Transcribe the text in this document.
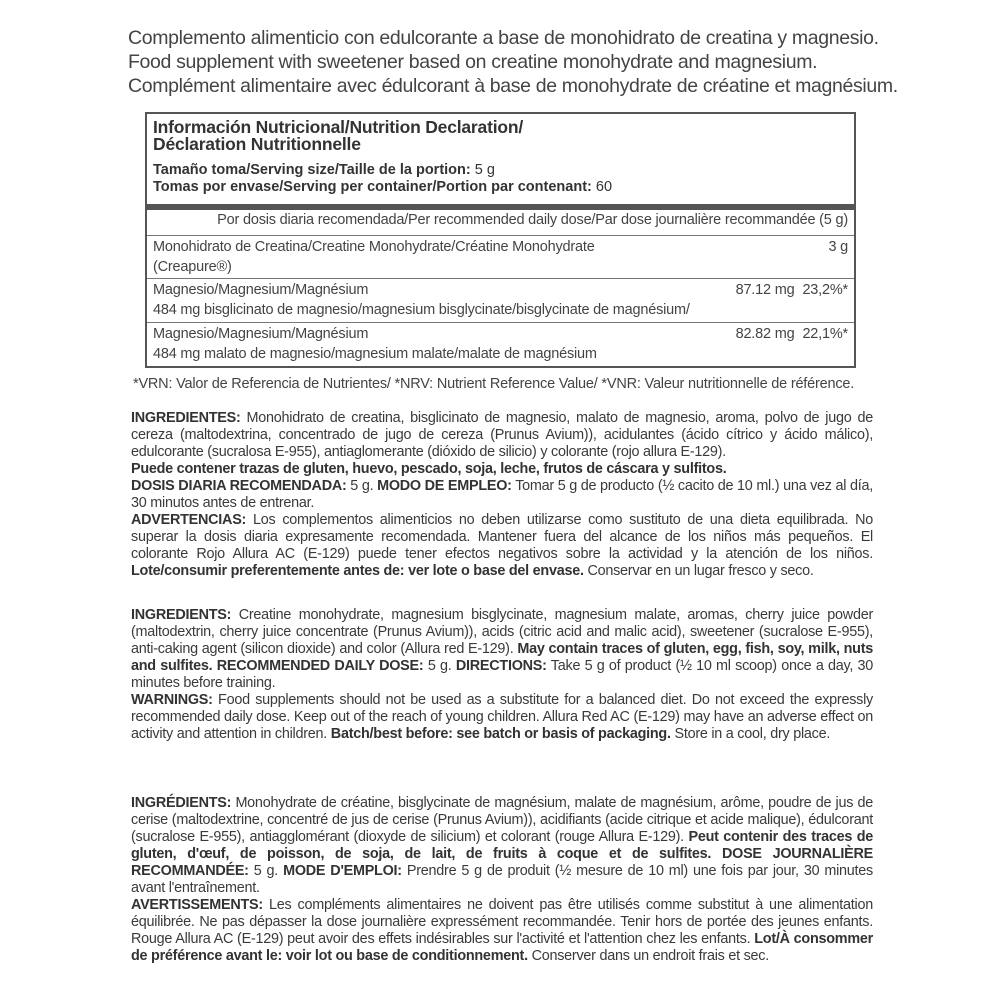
Complemento alimenticio con edulcorante a base de monohidrato de creatina y magnesio.
Food supplement with sweetener based on creatine monohydrate and magnesium.
Complément alimentaire avec édulcorant à base de monohydrate de créatine et magnésium.
Información Nutricional/Nutrition Declaration/
Déclaration Nutritionnelle
Tamaño toma/Serving size/Taille de la portion: 5 g
Tomas por envase/Serving per container/Portion par contenant: 60
Por dosis diaria recomendada/Per recommended daily dose/Par dose journalière recommandée (5 g)
Monohidrato de Creatina/Creatine Monohydrate/Créatine Monohydrate
(Creapure®)
3 g
Magnesio/Magnesium/Magnésium
484 mg bisglicinato de magnesio/magnesium bisglycinate/bisglycinate de magnésium/
87.12 mg 23,2%*
Magnesio/Magnesium/Magnésium
484 mg malato de magnesio/magnesium malate/malate de magnésium
82.82 mg 22,1%*
*VRN: Valor de Referencia de Nutrientes/ *NRV: Nutrient Reference Value/ *VNR: Valeur nutritionnelle de référence.

INGREDIENTES: Monohidrato de creatina, bisglicinato de magnesio, malato de magnesio, aroma, polvo de jugo de cereza (maltodextrina, concentrado de jugo de cereza (Prunus Avium)), acidulantes (ácido cítrico y ácido málico), edulcorante (sucralosa E-955), antiaglomerante (dióxido de silicio) y colorante (rojo allura E-129).

Puede contener trazas de gluten, huevo, pescado, soja, leche, frutos de cáscara y sulfitos.

DOSIS DIARIA RECOMENDADA: 5 g. MODO DE EMPLEO: Tomar 5 g de producto (½ cacito de 10 ml.) una vez al día, 30 minutos antes de entrenar.

ADVERTENCIAS: Los complementos alimenticios no deben utilizarse como sustituto de una dieta equilibrada. No superar la dosis diaria expresamente recomendada. Mantener fuera del alcance de los niños más pequeños. El colorante Rojo Allura AC (E-129) puede tener efectos negativos sobre la actividad y la atención de los niños. Lote/consumir preferentemente antes de: ver lote o base del envase. Conservar en un lugar fresco y seco.

INGREDIENTS: Creatine monohydrate, magnesium bisglycinate, magnesium malate, aromas, cherry juice powder (maltodextrin, cherry juice concentrate (Prunus Avium)), acids (citric acid and malic acid), sweetener (sucralose E-955), anti-caking agent (silicon dioxide) and color (Allura red E-129). May contain traces of gluten, egg, fish, soy, milk, nuts and sulfites. RECOMMENDED DAILY DOSE: 5 g. DIRECTIONS: Take 5 g of product (½ 10 ml scoop) once a day, 30 minutes before training.

WARNINGS: Food supplements should not be used as a substitute for a balanced diet. Do not exceed the expressly recommended daily dose. Keep out of the reach of young children. Allura Red AC (E-129) may have an adverse effect on activity and attention in children. Batch/best before: see batch or basis of packaging. Store in a cool, dry place.

INGRÉDIENTS: Monohydrate de créatine, bisglycinate de magnésium, malate de magnésium, arôme, poudre de jus de cerise (maltodextrine, concentré de jus de cerise (Prunus Avium)), acidifiants (acide citrique et acide malique), édulcorant (sucralose E-955), antiagglomérant (dioxyde de silicium) et colorant (rouge Allura E-129). Peut contenir des traces de gluten, d'œuf, de poisson, de soja, de lait, de fruits à coque et de sulfites. DOSE JOURNALIÈRE RECOMMANDÉE: 5 g. MODE D'EMPLOI: Prendre 5 g de produit (½ mesure de 10 ml) une fois par jour, 30 minutes avant l'entraînement.

AVERTISSEMENTS: Les compléments alimentaires ne doivent pas être utilisés comme substitut à une alimentation équilibrée. Ne pas dépasser la dose journalière expressément recommandée. Tenir hors de portée des jeunes enfants. Rouge Allura AC (E-129) peut avoir des effets indésirables sur l'activité et l'attention chez les enfants. Lot/À consommer de préférence avant le: voir lot ou base de conditionnement. Conserver dans un endroit frais et sec.
